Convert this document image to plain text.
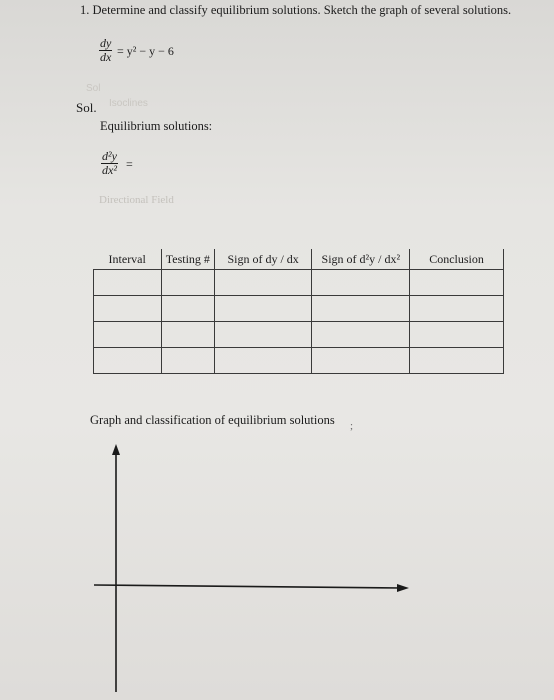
1. Determine and classify equilibrium solutions. Sketch the graph of several solutions.
$\frac{dy}{dx} = y^2 - y - 6$
Sol
Isoclines
Sol.
Equilibrium solutions:
$\frac{\text{d²y}}{\text{dx²}}$ =
Directional Field
Interval	Testing #	Sign of dy / dx	Sign of d²y / dx²	Conclusion

Graph and classification of equilibrium solutions ;
